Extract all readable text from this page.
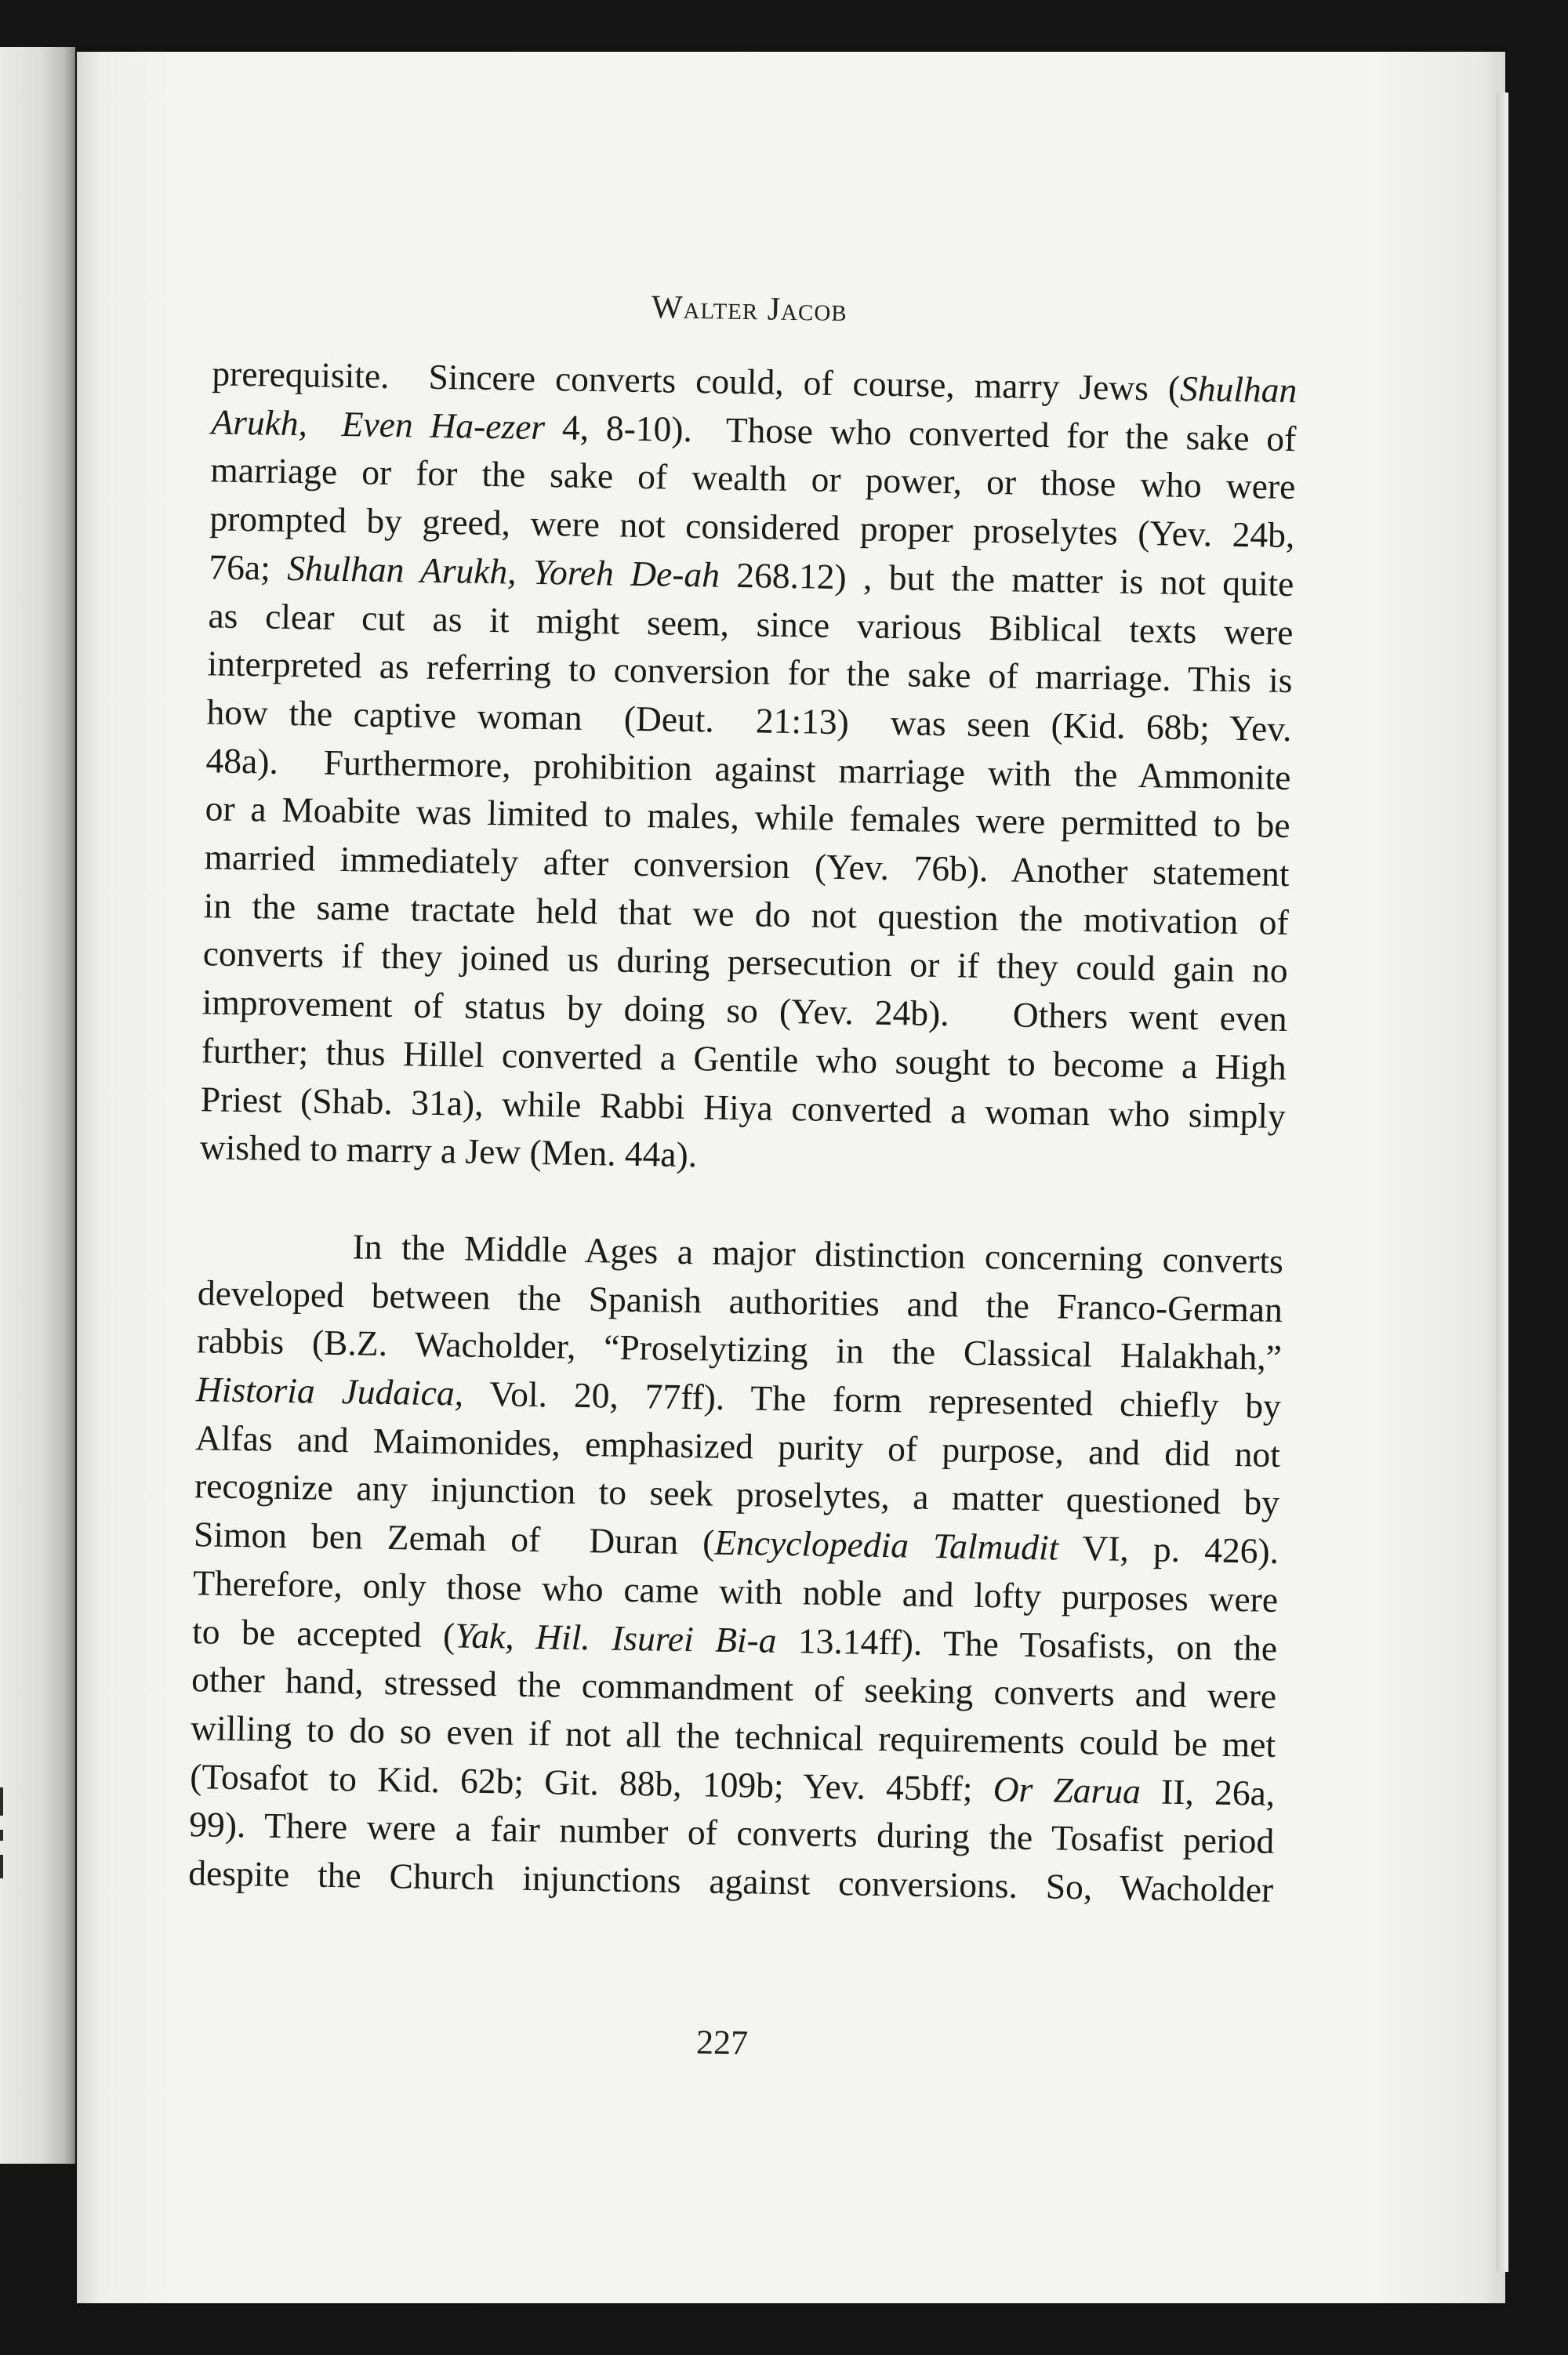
Walter Jacob
prerequisite.  Sincere converts could, of course, marry Jews (Shulhan
Arukh,  Even Ha-ezer 4, 8-10).  Those who converted for the sake of
marriage or for the sake of wealth or power, or those who were
prompted by greed, were not considered proper proselytes (Yev. 24b,
76a; Shulhan Arukh, Yoreh De-ah 268.12) , but the matter is not quite
as clear cut as it might seem, since various Biblical texts were
interpreted as referring to conversion for the sake of marriage. This is
how the captive woman  (Deut.  21:13)  was seen (Kid. 68b; Yev.
48a).  Furthermore, prohibition against marriage with the Ammonite
or a Moabite was limited to males, while females were permitted to be
married immediately after conversion (Yev. 76b). Another statement
in the same tractate held that we do not question the motivation of
converts if they joined us during persecution or if they could gain no
improvement of status by doing so (Yev. 24b).   Others went even
further; thus Hillel converted a Gentile who sought to become a High
Priest (Shab. 31a), while Rabbi Hiya converted a woman who simply
wished to marry a Jew (Men. 44a).
In the Middle Ages a major distinction concerning converts
developed between the Spanish authorities and the Franco-German
rabbis (B.Z. Wacholder, “Proselytizing in the Classical Halakhah,”
Historia Judaica, Vol. 20, 77ff). The form represented chiefly by
Alfas and Maimonides, emphasized purity of purpose, and did not
recognize any injunction to seek proselytes, a matter questioned by
Simon ben Zemah of  Duran (Encyclopedia Talmudit VI, p. 426).
Therefore, only those who came with noble and lofty purposes were
to be accepted (Yak, Hil. Isurei Bi-a 13.14ff). The Tosafists, on the
other hand, stressed the commandment of seeking converts and were
willing to do so even if not all the technical requirements could be met
(Tosafot to Kid. 62b; Git. 88b, 109b; Yev. 45bff; Or Zarua II, 26a,
99). There were a fair number of converts during the Tosafist period
despite the Church injunctions against conversions. So, Wacholder
227
